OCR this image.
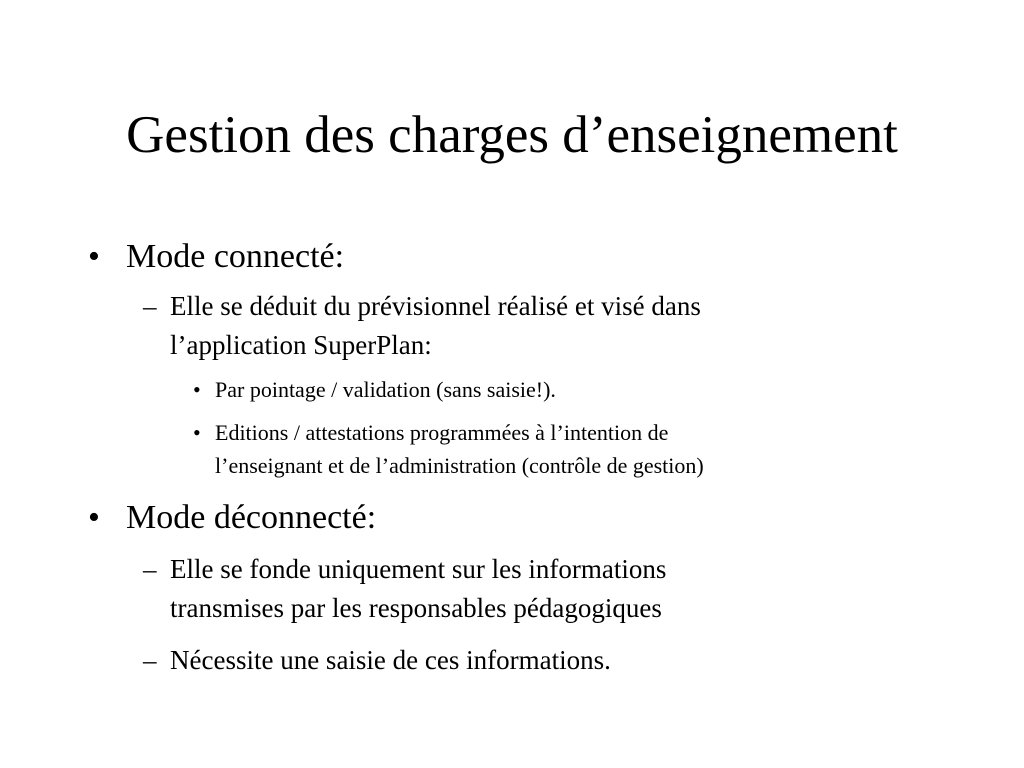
Gestion des charges d’enseignement
• Mode connecté:
– Elle se déduit du prévisionnel réalisé et visé dans
l’application SuperPlan:
• Par pointage / validation (sans saisie!).
• Editions / attestations programmées à l’intention de
l’enseignant et de l’administration (contrôle de gestion)
• Mode déconnecté:
– Elle se fonde uniquement sur les informations
transmises par les responsables pédagogiques
– Nécessite une saisie de ces informations.
